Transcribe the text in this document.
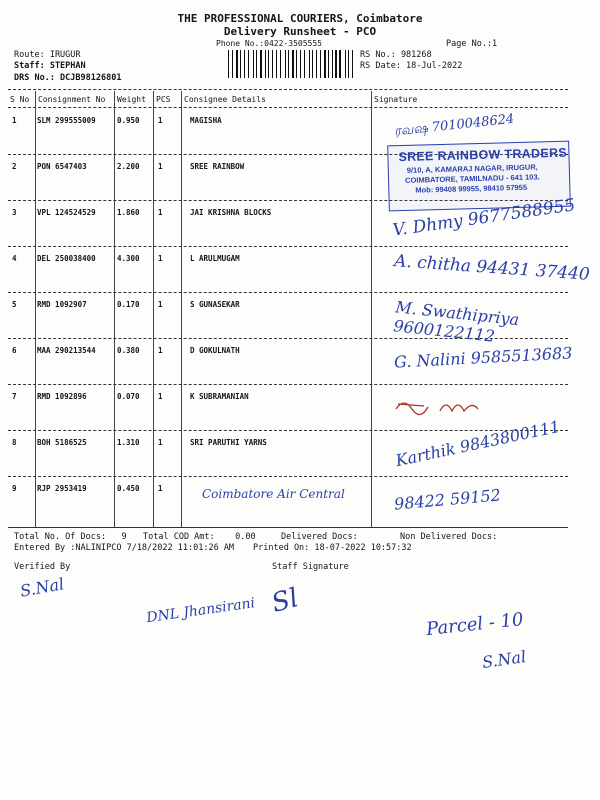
THE PROFESSIONAL COURIERS, Coimbatore
Delivery Runsheet - PCO
Phone No.:0422-3505555	Page No.:1
Route: IRUGUR
Staff: STEPHAN
DRS No.: DCJB98126801
RS No.: 981268
RS Date: 18-Jul-2022
S No Consignment No Weight PCS Consignee Details	Signature
1	SLM 299555009	0.950 1	MAGISHA
2	PON 6547403	2.200 1	SREE RAINBOW
3	VPL 124524529	1.860 1	JAI KRISHNA BLOCKS
4	DEL 250038400	4.300 1	L ARULMUGAM
5	RMD 1092907	0.170 1	S GUNASEKAR
6	MAA 290213544	0.380 1	D GOKULNATH
7	RMD 1092896	0.070 1	K SUBRAMANIAN
8	BOH 5186525	1.310 1	SRI PARUTHI YARNS
9	RJP 2953419	0.450 1
SREE RAINBOW TRADERS
9/10, A, KAMARAJ NAGAR, IRUGUR,
COIMBATORE, TAMILNADU - 641 103.
Mob: 99408 99955, 98410 57955
ரவஷ 7010048624
V. Dhmy 9677588955
A. chitha 94431 37440
M. Swathipriya 9600122112
G. Nalini 9585513683
Karthik 9843800111
Coimbatore Air Central	98422 59152
Total No. Of Docs:   9 Total COD Amt:    0.00	Delivered Docs:	Non Delivered Docs:
Entered By :NALINIPCO 7/18/2022 11:01:26 AM Printed On: 18-07-2022 10:57:32
Verified By	Staff Signature
S.Nal
DNL Jhansirani Sl
Parcel - 10
S.Nal
